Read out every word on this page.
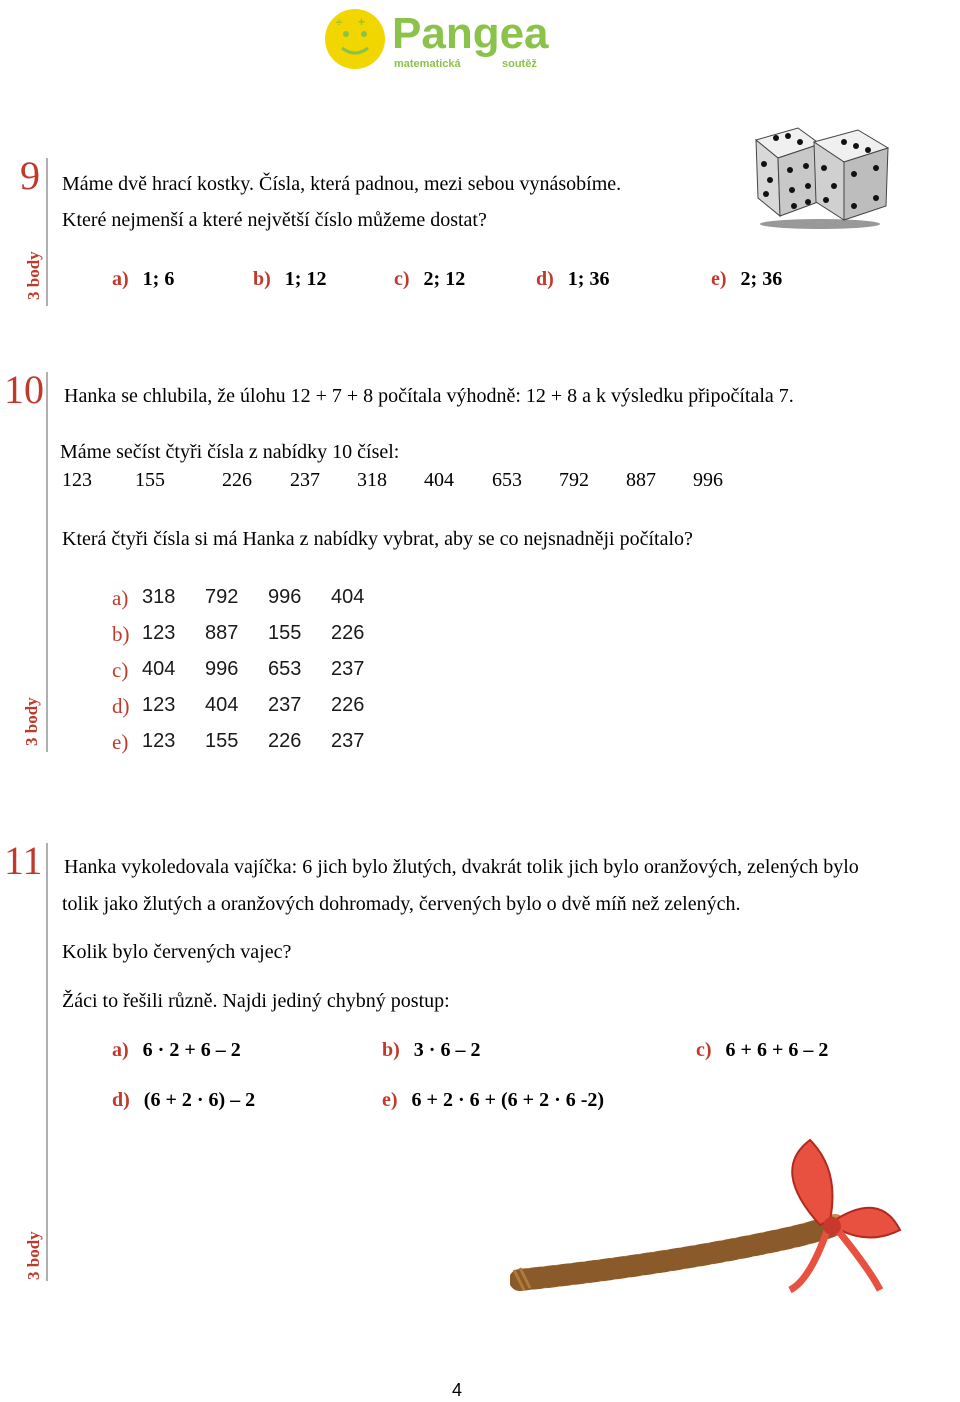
+
÷ Pangea
matematická	soutěž
9
3 body
Máme dvě hrací kostky. Čísla, která padnou, mezi sebou vynásobíme.
Které nejmenší a které největší číslo můžeme dostat?
a) 1; 6	b) 1; 12	c) 2; 12	d) 1; 36	e) 2; 36
10
3 body
Hanka se chlubila, že úlohu 12 + 7 + 8 počítala výhodně: 12 + 8 a k výsledku připočítala 7.
Máme sečíst čtyři čísla z nabídky 10 čísel:
123 155	226 237 318 404 653 792 887 996
Která čtyři čísla si má Hanka z nabídky vybrat, aby se co nejsnadněji počítalo?
a) 318 792 996 404
b) 123 887 155 226
c) 404 996 653 237
d) 123 404 237 226
e) 123 155 226 237
11
3 body
Hanka vykoledovala vajíčka: 6 jich bylo žlutých, dvakrát tolik jich bylo oranžových, zelených bylo
tolik jako žlutých a oranžových dohromady, červených bylo o dvě míň než zelených.
Kolik bylo červených vajec?
Žáci to řešili různě. Najdi jediný chybný postup:
a) 6 · 2 + 6 – 2	b) 3 · 6 – 2	c) 6 + 6 + 6 – 2
d) (6 + 2 · 6) – 2	e) 6 + 2 · 6 + (6 + 2 · 6 -2)
4
